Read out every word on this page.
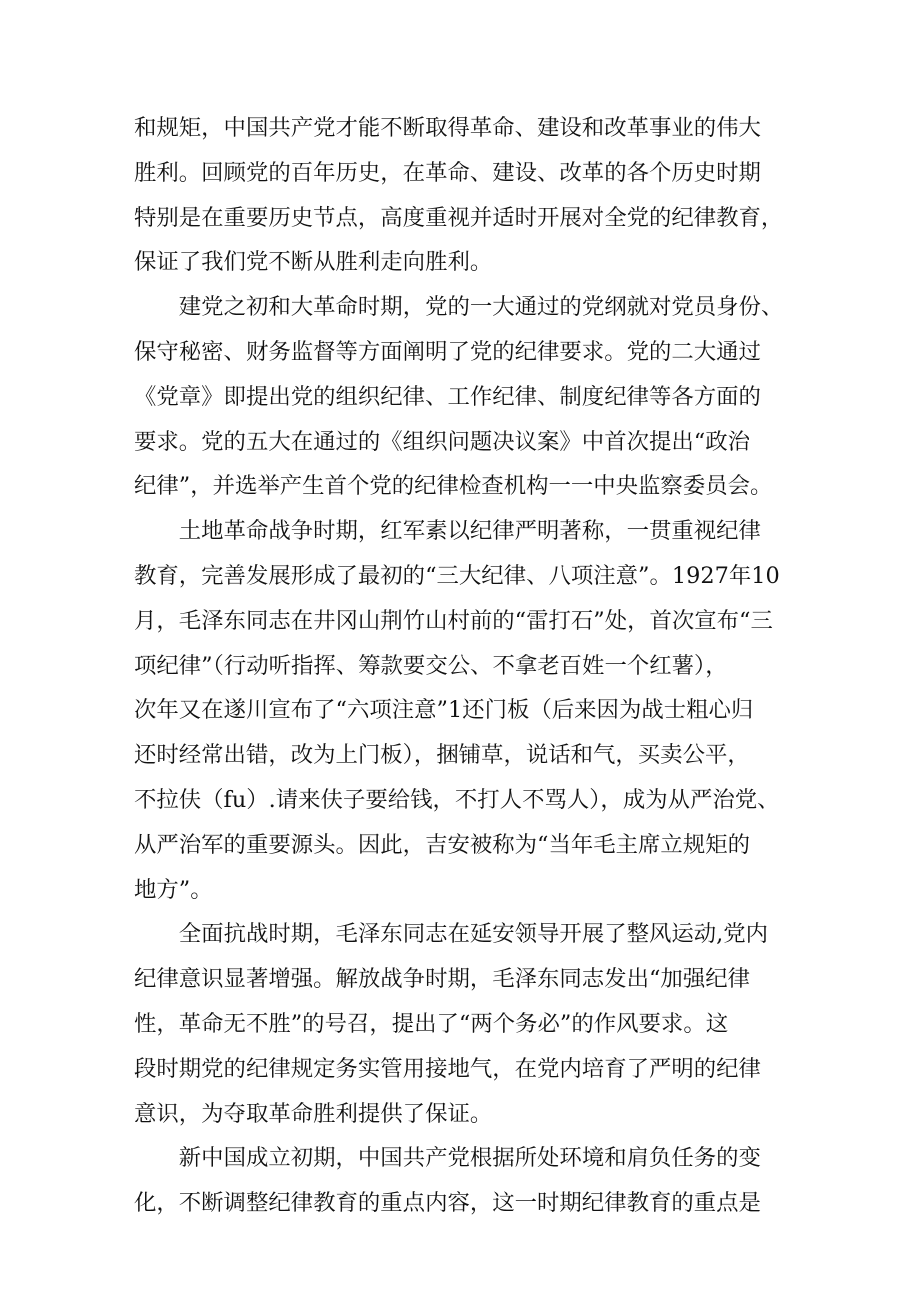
和规矩，中国共产党才能不断取得革命、建设和改革事业的伟大
胜利。回顾党的百年历史，在革命、建设、改革的各个历史时期
特别是在重要历史节点，高度重视并适时开展对全党的纪律教育，
保证了我们党不断从胜利走向胜利。
建党之初和大革命时期，党的一大通过的党纲就对党员身份、
保守秘密、财务监督等方面阐明了党的纪律要求。党的二大通过
《党章》即提出党的组织纪律、工作纪律、制度纪律等各方面的
要求。党的五大在通过的《组织问题决议案》中首次提出“政治
纪律”，并选举产生首个党的纪律检查机构一一中央监察委员会。
土地革命战争时期，红军素以纪律严明著称，一贯重视纪律
教育，完善发展形成了最初的“三大纪律、八项注意”。1927年10
月，毛泽东同志在井冈山荆竹山村前的“雷打石”处，首次宣布“三
项纪律”（行动听指挥、筹款要交公、不拿老百姓一个红薯），
次年又在遂川宣布了“六项注意”1还门板（后来因为战士粗心归
还时经常出错，改为上门板），捆铺草，说话和气，买卖公平，
不拉伕（fu）.请来伕子要给钱，不打人不骂人），成为从严治党、
从严治军的重要源头。因此，吉安被称为“当年毛主席立规矩的
地方”。
全面抗战时期，毛泽东同志在延安领导开展了整风运动,党内
纪律意识显著增强。解放战争时期，毛泽东同志发出“加强纪律
性，革命无不胜”的号召，提出了“两个务必”的作风要求。这
段时期党的纪律规定务实管用接地气，在党内培育了严明的纪律
意识，为夺取革命胜利提供了保证。
新中国成立初期，中国共产党根据所处环境和肩负任务的变
化，不断调整纪律教育的重点内容，这一时期纪律教育的重点是
